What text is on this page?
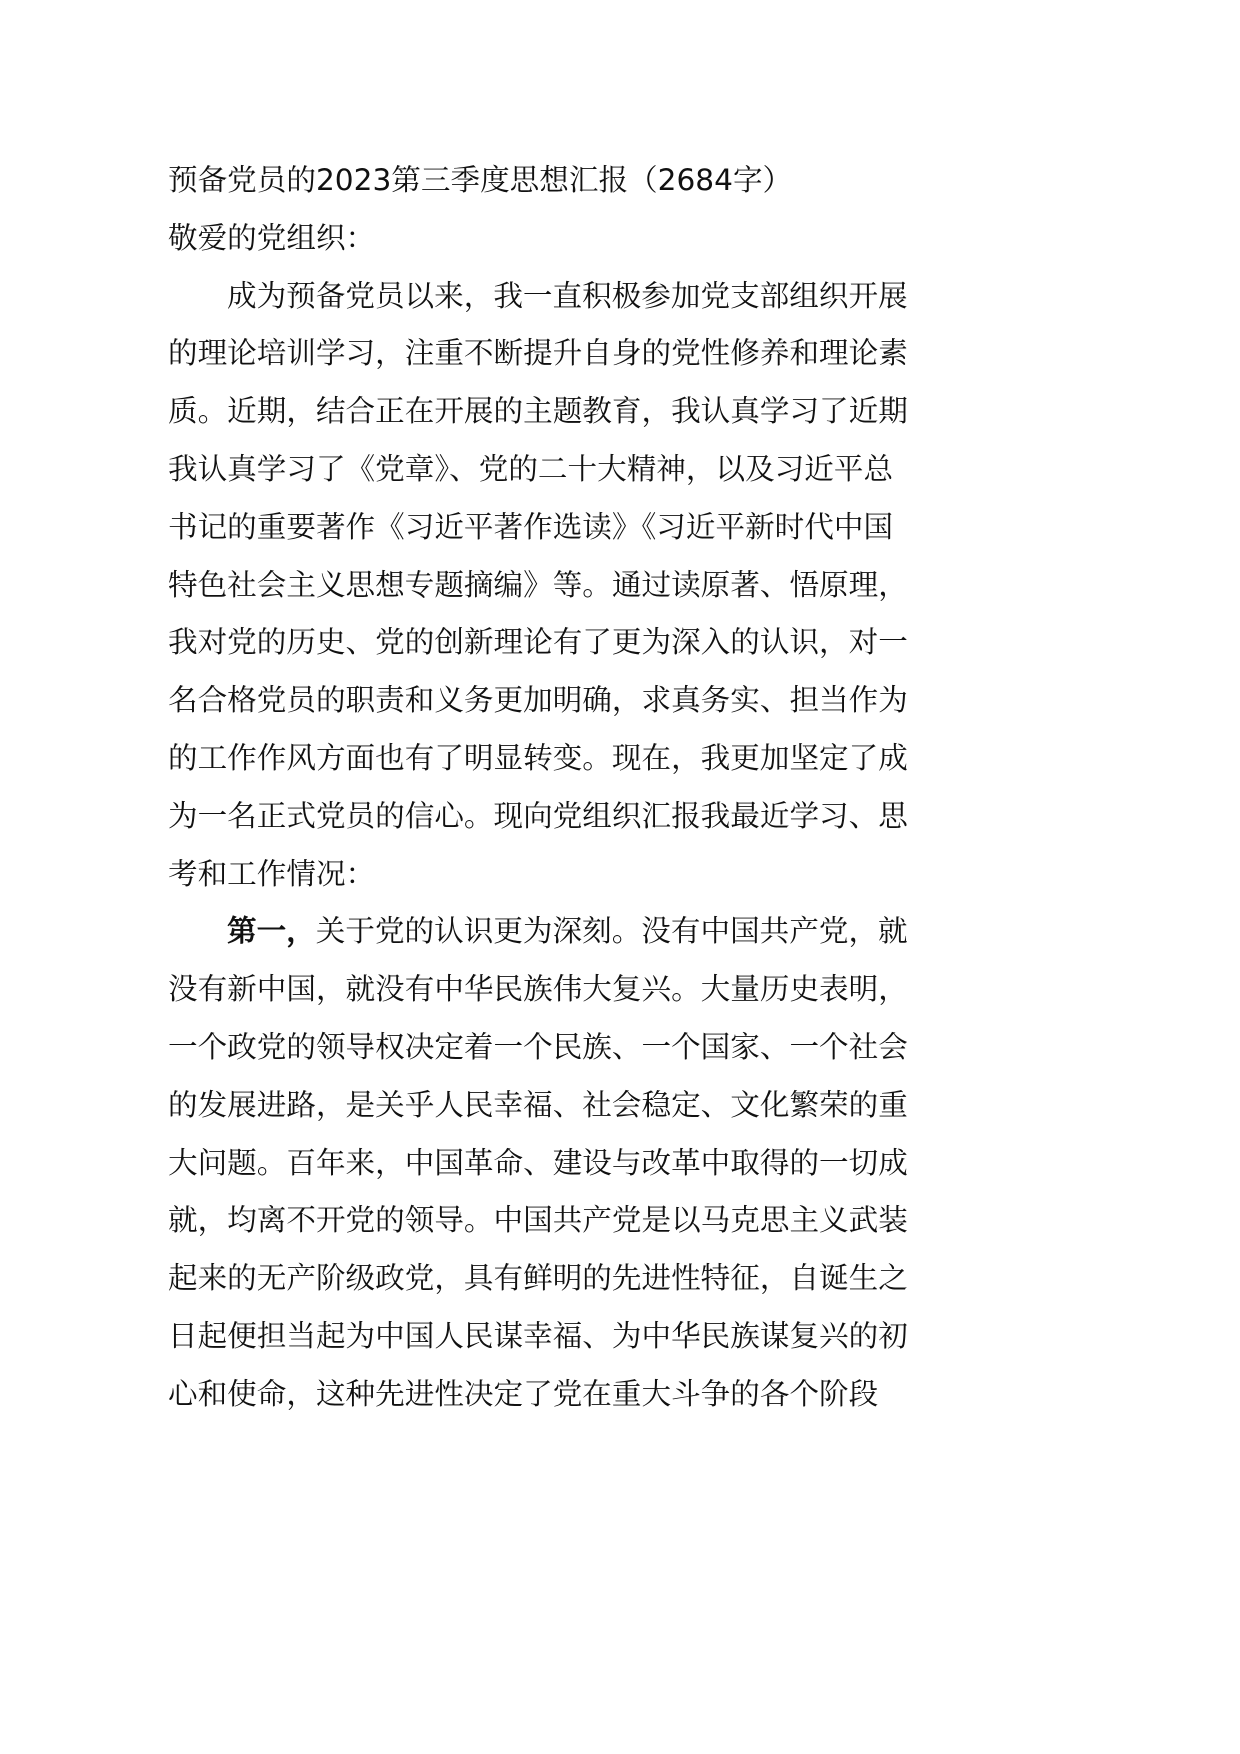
预备党员的2023第三季度思想汇报（2684字）
敬爱的党组织：
成为预备党员以来，我一直积极参加党支部组织开展
的理论培训学习，注重不断提升自身的党性修养和理论素
质。近期，结合正在开展的主题教育，我认真学习了近期
我认真学习了《党章》、党的二十大精神，以及习近平总
书记的重要著作《习近平著作选读》《习近平新时代中国
特色社会主义思想专题摘编》等。通过读原著、悟原理，
我对党的历史、党的创新理论有了更为深入的认识，对一
名合格党员的职责和义务更加明确，求真务实、担当作为
的工作作风方面也有了明显转变。现在，我更加坚定了成
为一名正式党员的信心。现向党组织汇报我最近学习、思
考和工作情况：
第一，关于党的认识更为深刻。没有中国共产党，就
没有新中国，就没有中华民族伟大复兴。大量历史表明，
一个政党的领导权决定着一个民族、一个国家、一个社会
的发展进路，是关乎人民幸福、社会稳定、文化繁荣的重
大问题。百年来，中国革命、建设与改革中取得的一切成
就，均离不开党的领导。中国共产党是以马克思主义武装
起来的无产阶级政党，具有鲜明的先进性特征，自诞生之
日起便担当起为中国人民谋幸福、为中华民族谋复兴的初
心和使命，这种先进性决定了党在重大斗争的各个阶段
